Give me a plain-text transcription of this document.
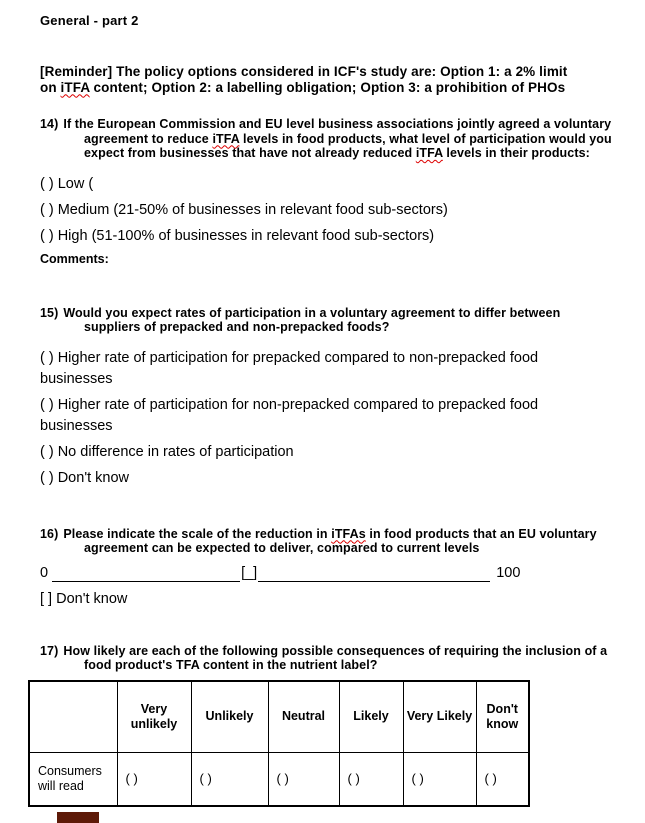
General - part 2

[Reminder] The policy options considered in ICF's study are: Option 1: a 2% limit on iTFA content; Option 2: a labelling obligation; Option 3: a prohibition of PHOs

14) If the European Commission and EU level business associations jointly agreed a voluntary agreement to reduce iTFA levels in food products, what level of participation would you expect from businesses that have not already reduced iTFA levels in their products:

( ) Low (

( ) Medium (21-50% of businesses in relevant food sub-sectors)

( ) High (51-100% of businesses in relevant food sub-sectors)

Comments:

15) Would you expect rates of participation in a voluntary agreement to differ between suppliers of prepacked and non-prepacked foods?

( ) Higher rate of participation for prepacked compared to non-prepacked food businesses

( ) Higher rate of participation for non-prepacked compared to prepacked food businesses

( ) No difference in rates of participation

( ) Don't know

16) Please indicate the scale of the reduction in iTFAs in food products that an EU voluntary agreement can be expected to deliver, compared to current levels

0	[_]	100

[ ] Don't know

17) How likely are each of the following possible consequences of requiring the inclusion of a food product's TFA content in the nutrient label?

	Very unlikely	Unlikely	Neutral	Likely	Very Likely	Don't know
Consumers will read	( )	( )	( )	( )	( )	( )
